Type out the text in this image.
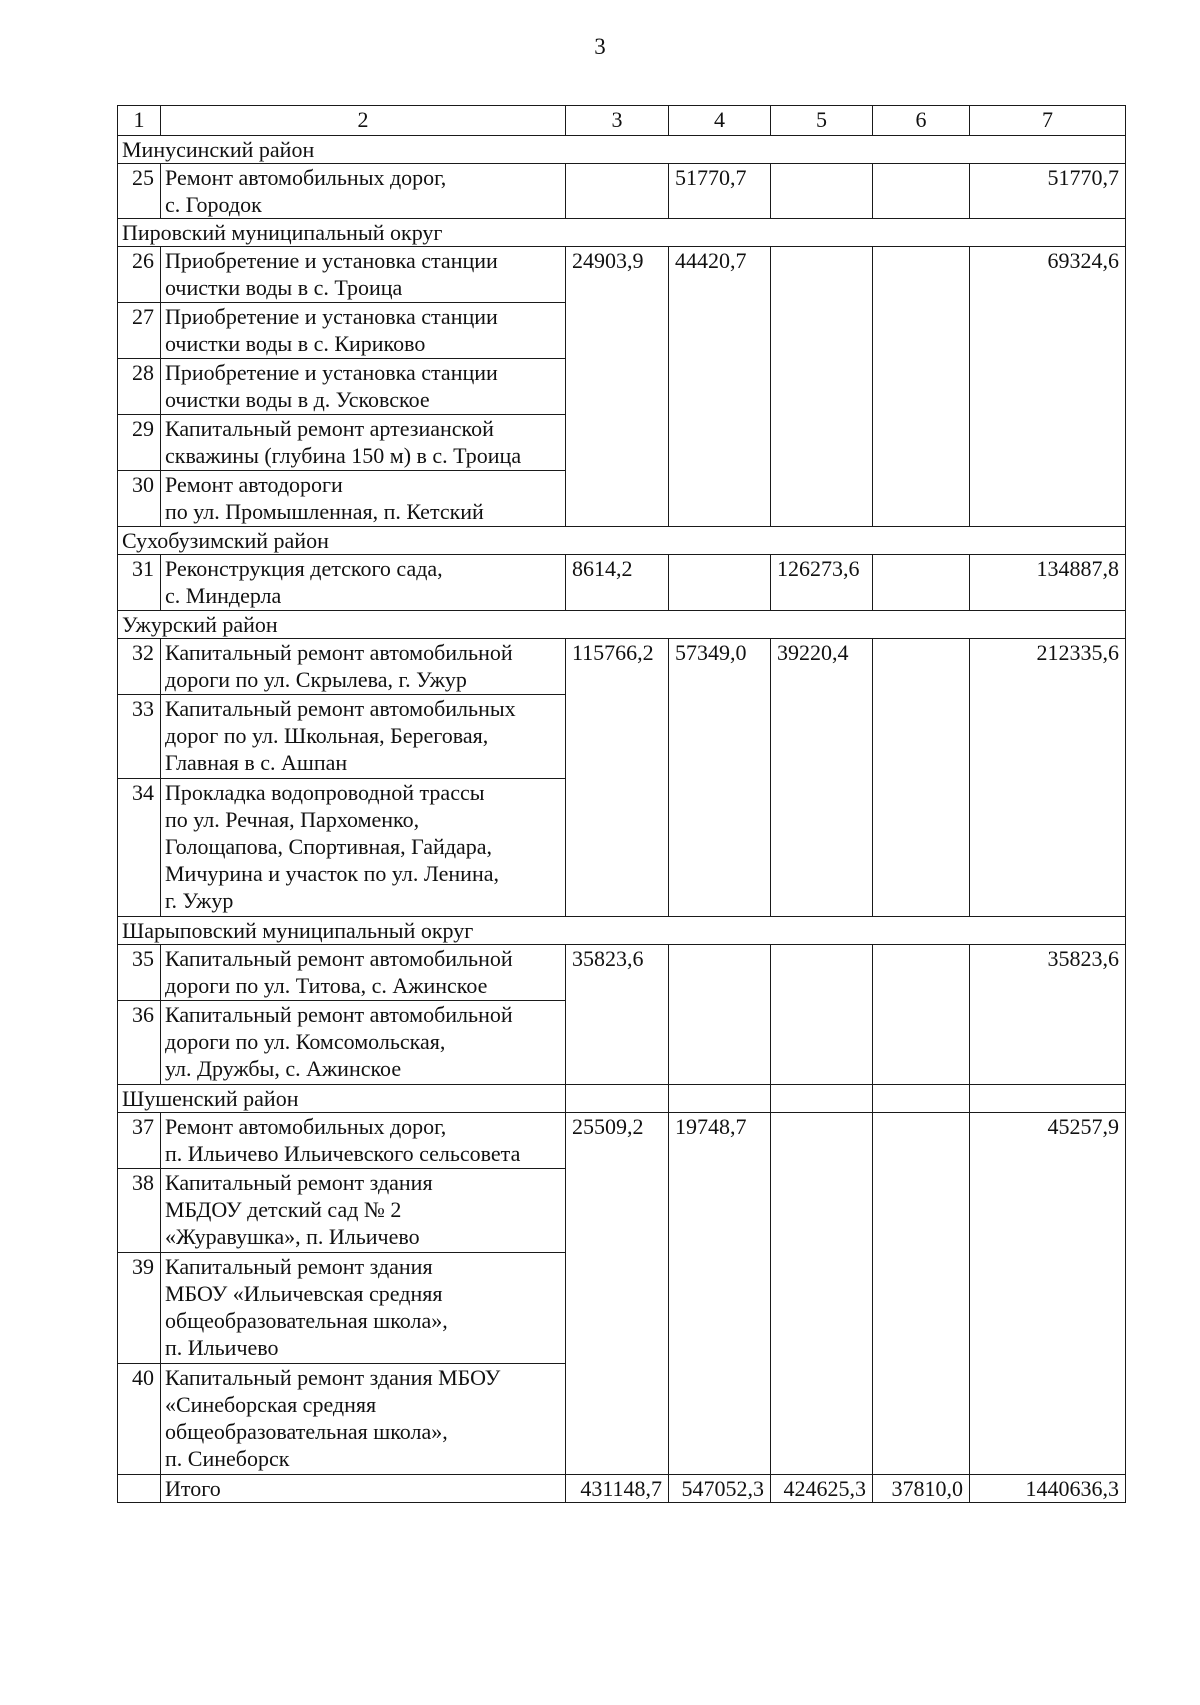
3
1	2	3	4	5	6	7
Минусинский район						
25	Ремонт автомобильных дорог,
с. Городок		51770,7			51770,7
Пировский муниципальный округ						
26	Приобретение и установка станции
очистки воды в с. Троица	24903,9	44420,7			69324,6
27	Приобретение и установка станции
очистки воды в с. Кириково					
28	Приобретение и установка станции
очистки воды в д. Усковское					
29	Капитальный ремонт артезианской
скважины (глубина 150 м) в с. Троица					
30	Ремонт автодороги
по ул. Промышленная, п. Кетский					
Сухобузимский район						
31	Реконструкция детского сада,
с. Миндерла	8614,2		126273,6		134887,8
Ужурский район						
32	Капитальный ремонт автомобильной
дороги по ул. Скрылева, г. Ужур	115766,2	57349,0	39220,4		212335,6
33	Капитальный ремонт автомобильных
дорог по ул. Школьная, Береговая,
Главная в с. Ашпан					
34	Прокладка водопроводной трассы
по ул. Речная, Пархоменко,
Голощапова, Спортивная, Гайдара,
Мичурина и участок по ул. Ленина,
г. Ужур					
Шарыповский муниципальный округ						
35	Капитальный ремонт автомобильной
дороги по ул. Титова, с. Ажинское	35823,6				35823,6
36	Капитальный ремонт автомобильной
дороги по ул. Комсомольская,
ул. Дружбы, с. Ажинское					
Шушенский район						
37	Ремонт автомобильных дорог,
п. Ильичево Ильичевского сельсовета	25509,2	19748,7			45257,9
38	Капитальный ремонт здания
МБДОУ детский сад № 2
«Журавушка», п. Ильичево					
39	Капитальный ремонт здания
МБОУ «Ильичевская средняя
общеобразовательная школа»,
п. Ильичево					
40	Капитальный ремонт здания МБОУ
«Синеборская средняя
общеобразовательная школа»,
п. Синеборск					
	Итого	431148,7	547052,3	424625,3	37810,0	1440636,3
